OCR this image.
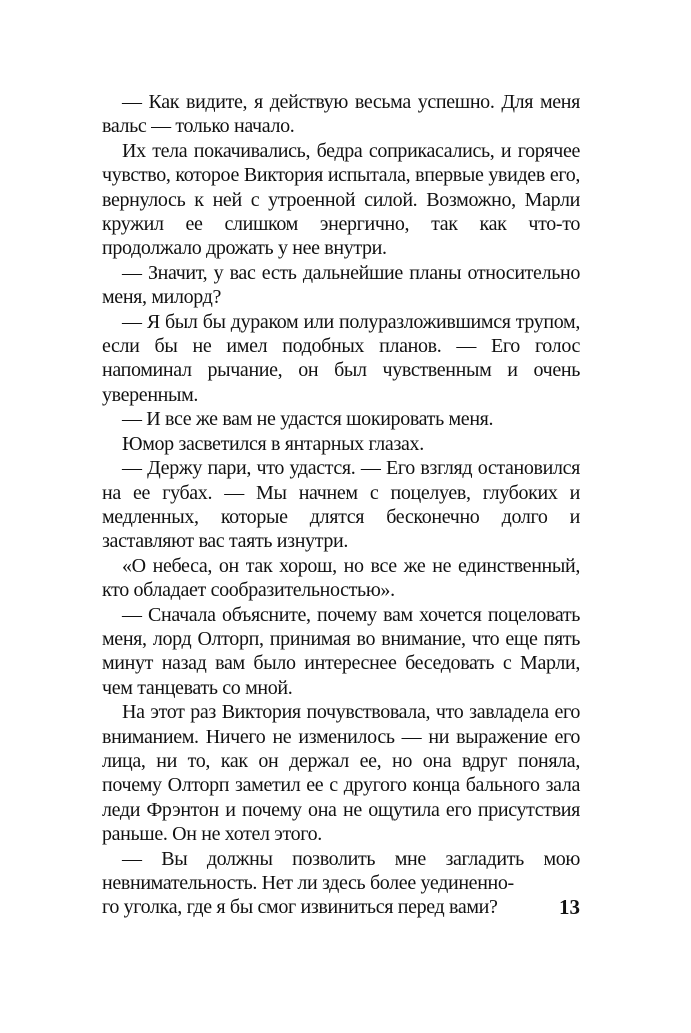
— Как видите, я действую весьма успешно. Для меня вальс — только начало.

Их тела покачивались, бедра соприкасались, и горячее чувство, которое Виктория испытала, впервые увидев его, вернулось к ней с утроенной силой. Возможно, Марли кружил ее слишком энергично, так как что-то продолжало дрожать у нее внутри.

— Значит, у вас есть дальнейшие планы относительно меня, милорд?

— Я был бы дураком или полуразложившимся трупом, если бы не имел подобных планов. — Его голос напоминал рычание, он был чувственным и очень уверенным.

— И все же вам не удастся шокировать меня.

Юмор засветился в янтарных глазах.

— Держу пари, что удастся. — Его взгляд остановился на ее губах. — Мы начнем с поцелуев, глубоких и медленных, которые длятся бесконечно долго и заставляют вас таять изнутри.

«О небеса, он так хорош, но все же не единственный, кто обладает сообразительностью».

— Сначала объясните, почему вам хочется поцеловать меня, лорд Олторп, принимая во внимание, что еще пять минут назад вам было интереснее беседовать с Марли, чем танцевать со мной.

На этот раз Виктория почувствовала, что завладела его вниманием. Ничего не изменилось — ни выражение его лица, ни то, как он держал ее, но она вдруг поняла, почему Олторп заметил ее с другого конца бального зала леди Фрэнтон и почему она не ощутила его присутствия раньше. Он не хотел этого.

— Вы должны позволить мне загладить мою невнимательность. Нет ли здесь более уединенно-

го уголка, где я бы смог извиниться перед вами?	13
